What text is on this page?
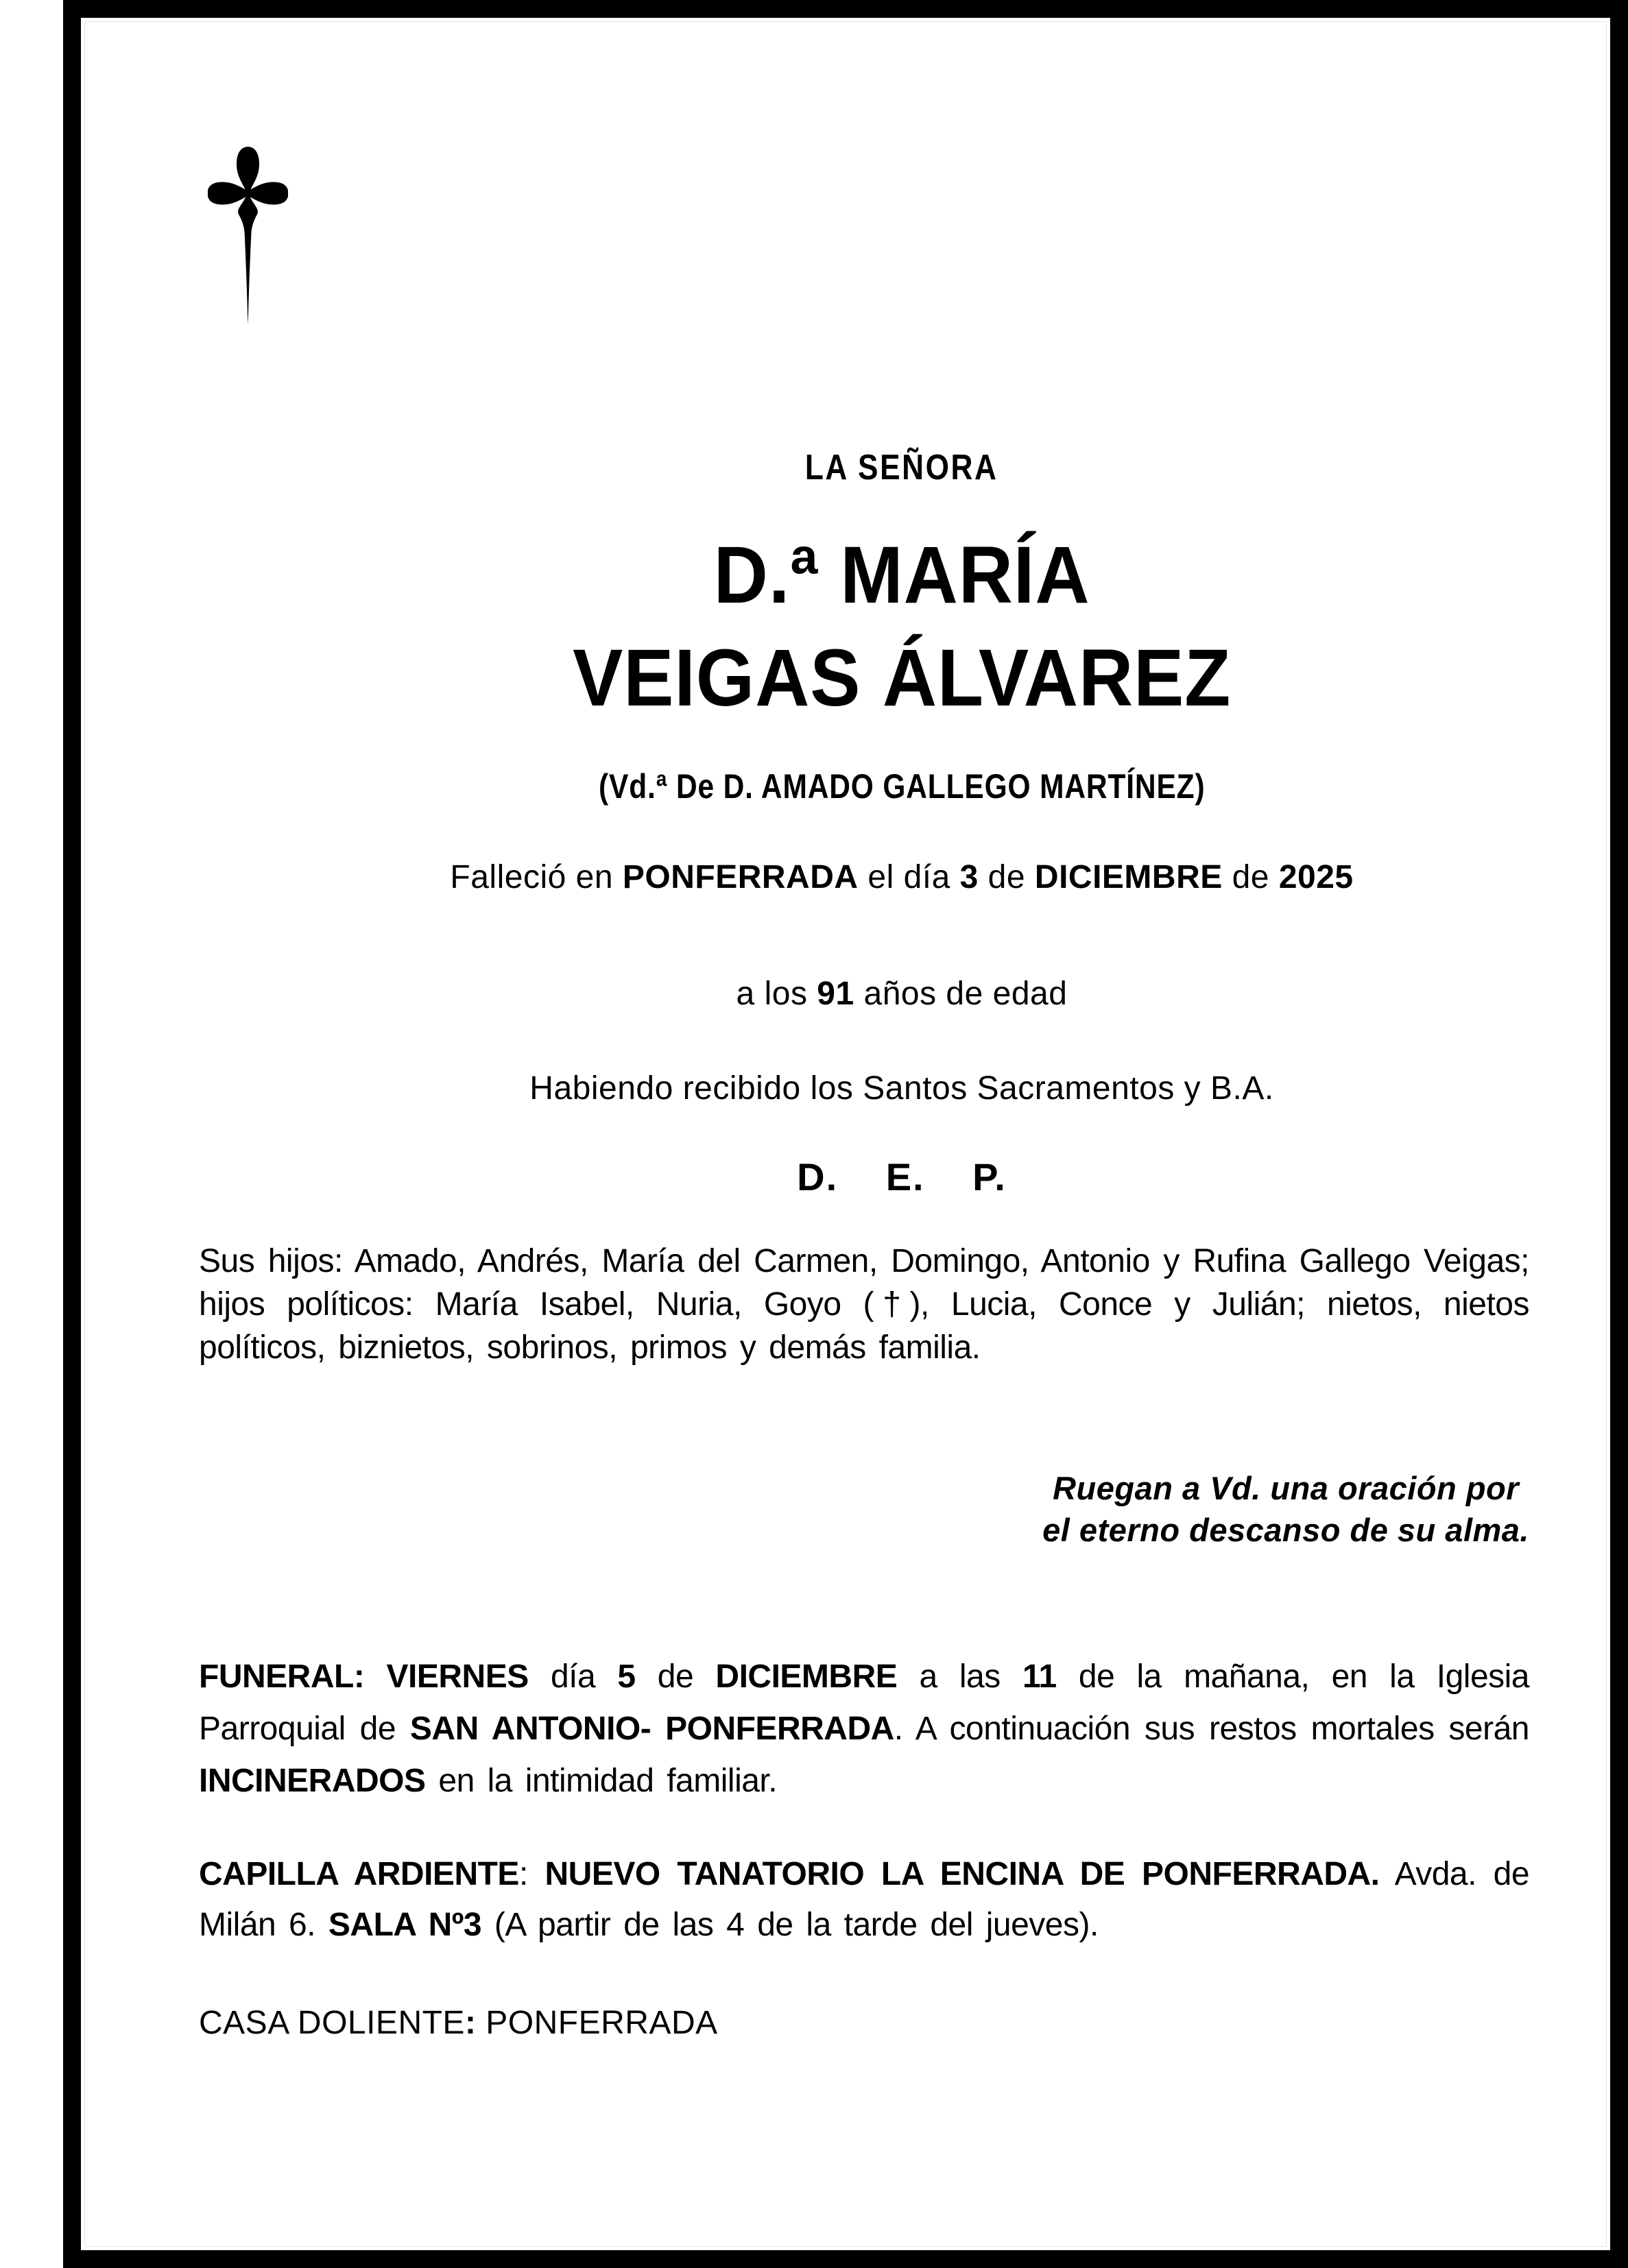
LA SEÑORA
D.ª MARÍA
VEIGAS ÁLVAREZ
(Vd.ª De D. AMADO GALLEGO MARTÍNEZ)
Falleció en PONFERRADA el día 3 de DICIEMBRE de 2025
a los 91 años de edad
Habiendo recibido los Santos Sacramentos y B.A.
D. E. P.

Sus hijos: Amado, Andrés, María del Carmen, Domingo, Antonio y Rufina Gallego Veigas; hijos políticos: María Isabel, Nuria, Goyo (†), Lucia, Conce y Julián; nietos, nietos políticos, biznietos, sobrinos, primos y demás familia.

Ruegan a Vd. una oración por
el eterno descanso de su alma.

FUNERAL: VIERNES día 5 de DICIEMBRE a las 11 de la mañana, en la Iglesia Parroquial de SAN ANTONIO- PONFERRADA. A continuación sus restos mortales serán INCINERADOS en la intimidad familiar.

CAPILLA ARDIENTE: NUEVO TANATORIO LA ENCINA DE PONFERRADA. Avda. de Milán 6. SALA Nº3 (A partir de las 4 de la tarde del jueves).

CASA DOLIENTE: PONFERRADA
